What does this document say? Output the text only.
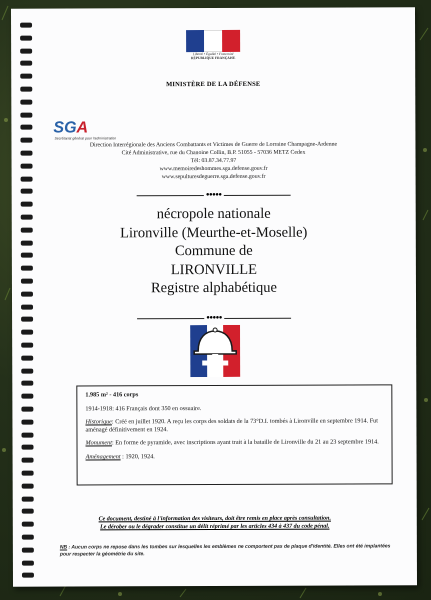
Liberté • Égalité • Fraternité
RÉPUBLIQUE FRANÇAISE
MINISTÈRE DE LA DÉFENSE
SGA
Secrétariat général pour l'administration
Direction Interrégionale des Anciens Combattants et Victimes de Guerre de Lorraine Champagne-Ardenne
Cité Administrative, rue du Chanoine Collin, B.P. 51055 - 57036 METZ Cedex
Tél: 03.87.34.77.97
www.memoiredeshommes.sga.defense.gouv.fr
www.sepulturesdeguerre.sga.defense.gouv.fr
●●●●●
nécropole nationale
Lironville (Meurthe-et-Moselle)
Commune de
LIRONVILLE
Registre alphabétique
●●●●●

1.985 m² - 416 corps

1914-1918: 416 Français dont 350 en ossuaire.

Historique: Créé en juillet 1920. A reçu les corps des soldats de la 73°D.I. tombés à Lironville en septembre 1914. Fut aménagé définitivement en 1924.

Monument: En forme de pyramide, avec inscriptions ayant trait à la bataille de Lironville du 21 au 23 septembre 1914.

Aménagement : 1920, 1924.

Ce document, destiné à l'information des visiteurs, doit être remis en place après consultation.
Le dérober ou le dégrader constitue un délit réprimé par les articles 434 à 437 du code pénal.
NB : Aucun corps ne repose dans les tombes sur lesquelles les emblèmes ne comportent pas de plaque d'identité. Elles ont été implantées pour respecter la géométrie du site.
